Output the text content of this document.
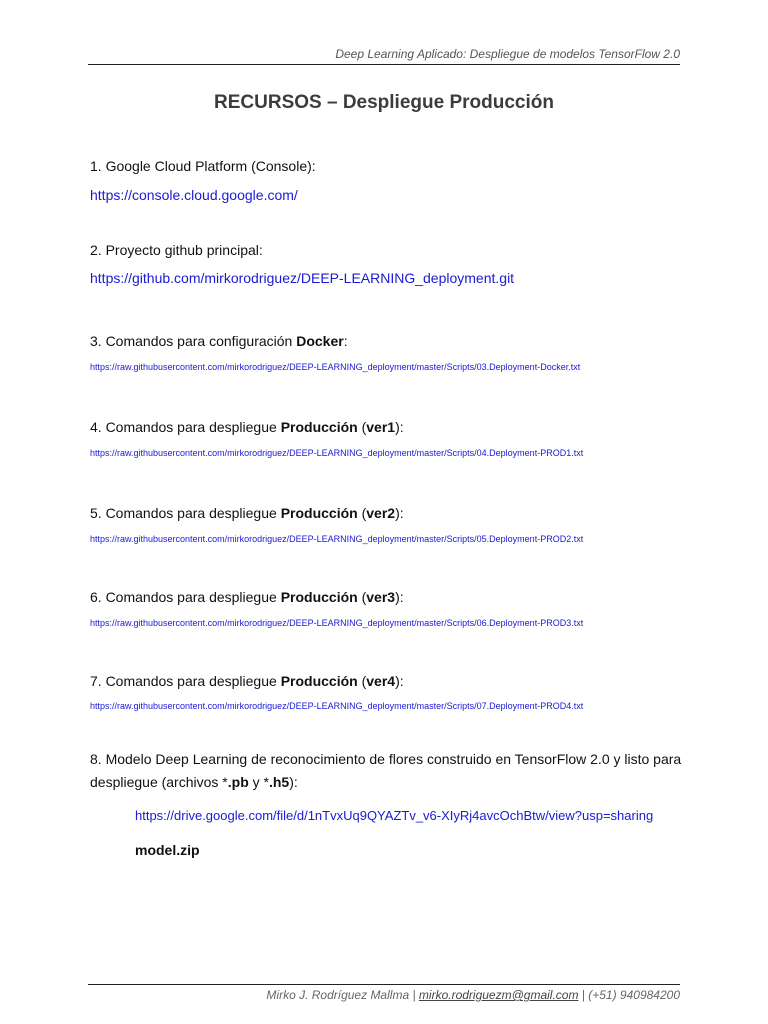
Deep Learning Aplicado: Despliegue de modelos TensorFlow 2.0
RECURSOS – Despliegue Producción
1. Google Cloud Platform (Console):
https://console.cloud.google.com/
2. Proyecto github principal:
https://github.com/mirkorodriguez/DEEP-LEARNING_deployment.git
3. Comandos para configuración Docker:
https://raw.githubusercontent.com/mirkorodriguez/DEEP-LEARNING_deployment/master/Scripts/03.Deployment-Docker.txt
4. Comandos para despliegue Producción (ver1):
https://raw.githubusercontent.com/mirkorodriguez/DEEP-LEARNING_deployment/master/Scripts/04.Deployment-PROD1.txt
5. Comandos para despliegue Producción (ver2):
https://raw.githubusercontent.com/mirkorodriguez/DEEP-LEARNING_deployment/master/Scripts/05.Deployment-PROD2.txt
6. Comandos para despliegue Producción (ver3):
https://raw.githubusercontent.com/mirkorodriguez/DEEP-LEARNING_deployment/master/Scripts/06.Deployment-PROD3.txt
7. Comandos para despliegue Producción (ver4):
https://raw.githubusercontent.com/mirkorodriguez/DEEP-LEARNING_deployment/master/Scripts/07.Deployment-PROD4.txt
8. Modelo Deep Learning de reconocimiento de flores construido en TensorFlow 2.0 y listo para despliegue (archivos *.pb y *.h5):
https://drive.google.com/file/d/1nTvxUq9QYAZTv_v6-XIyRj4avcOchBtw/view?usp=sharing
model.zip
Mirko J. Rodríguez Mallma | mirko.rodriguezm@gmail.com | (+51) 940984200
